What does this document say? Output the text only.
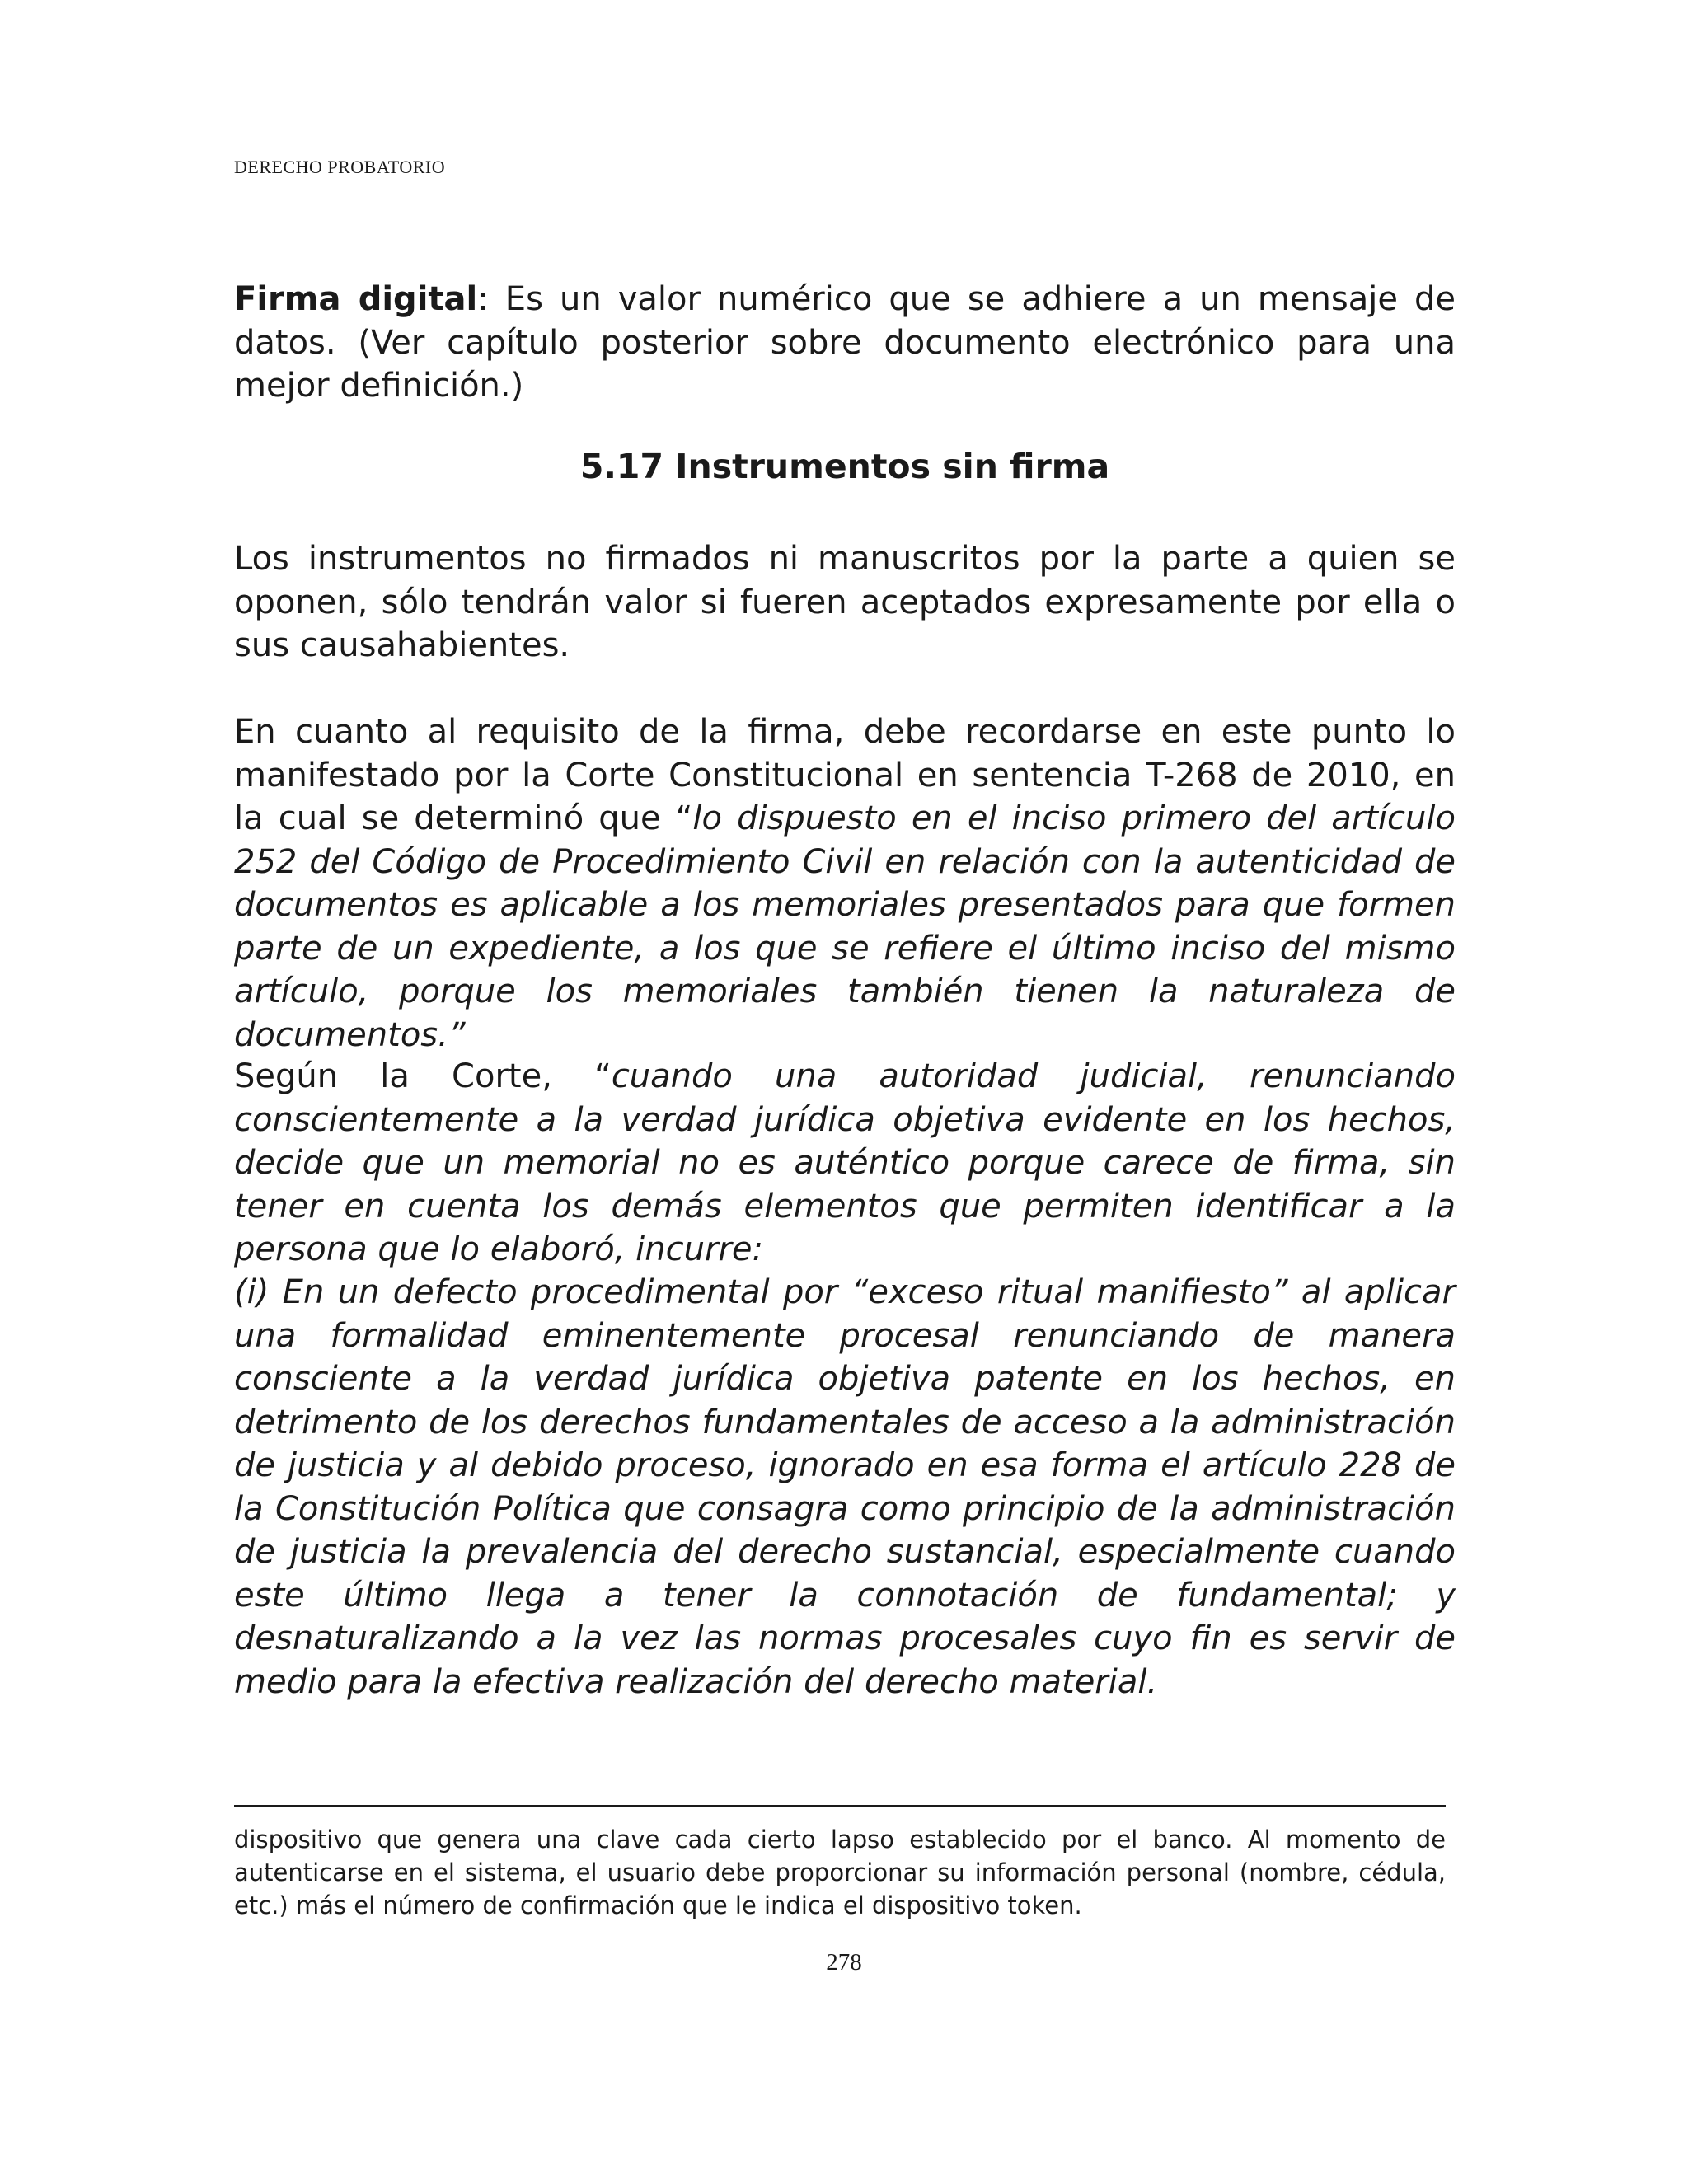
DERECHO PROBATORIO

Firma digital: Es un valor numérico que se adhiere a un mensaje de datos. (Ver capítulo posterior sobre documento electrónico para una mejor definición.)

5.17 Instrumentos sin firma

Los instrumentos no firmados ni manuscritos por la parte a quien se oponen, sólo tendrán valor si fueren aceptados expresamente por ella o sus causahabientes.

En cuanto al requisito de la firma, debe recordarse en este punto lo manifestado por la Corte Constitucional en sentencia T-268 de 2010, en la cual se determinó que “lo dispuesto en el inciso primero del artículo 252 del Código de Procedimiento Civil en relación con la autenticidad de documentos es aplicable a los memoriales presentados para que formen parte de un expediente, a los que se refiere el último inciso del mismo artículo, porque los memoriales también tienen la naturaleza de documentos.”

Según la Corte, “cuando una autoridad judicial, renunciando conscientemente a la verdad jurídica objetiva evidente en los hechos, decide que un memorial no es auténtico porque carece de firma, sin tener en cuenta los demás elementos que permiten identificar a la persona que lo elaboró, incurre:

(i) En un defecto procedimental por “exceso ritual manifiesto” al aplicar una formalidad eminentemente procesal renunciando de manera consciente a la verdad jurídica objetiva patente en los hechos, en detrimento de los derechos fundamentales de acceso a la administración de justicia y al debido proceso, ignorado en esa forma el artículo 228 de la Constitución Política que consagra como principio de la administración de justicia la prevalencia del derecho sustancial, especialmente cuando este último llega a tener la connotación de fundamental; y desnaturalizando a la vez las normas procesales cuyo fin es servir de medio para la efectiva realización del derecho material.

dispositivo que genera una clave cada cierto lapso establecido por el banco. Al momento de autenticarse en el sistema, el usuario debe proporcionar su información personal (nombre, cédula, etc.) más el número de confirmación que le indica el dispositivo token.

278
